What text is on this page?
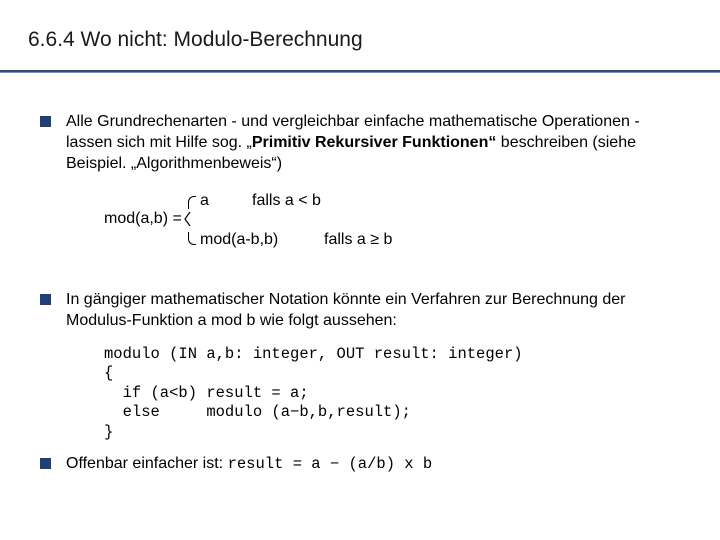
6.6.4 Wo nicht: Modulo-Berechnung
Alle Grundrechenarten - und vergleichbar einfache mathematische Operationen -
lassen sich mit Hilfe sog. „Primitiv Rekursiver Funktionen“ beschreiben (siehe
Beispiel. „Algorithmenbeweis“)
mod(a,b) =
a	falls a < b
mod(a-b,b)	falls a ≥ b
In gängiger mathematischer Notation könnte ein Verfahren zur Berechnung der
Modulus-Funktion a mod b wie folgt aussehen:
modulo (IN a,b: integer, OUT result: integer)
{
if (a<b) result = a;
else     modulo (a−b,b,result);
}
Offenbar einfacher ist: result = a − (a/b) x b
